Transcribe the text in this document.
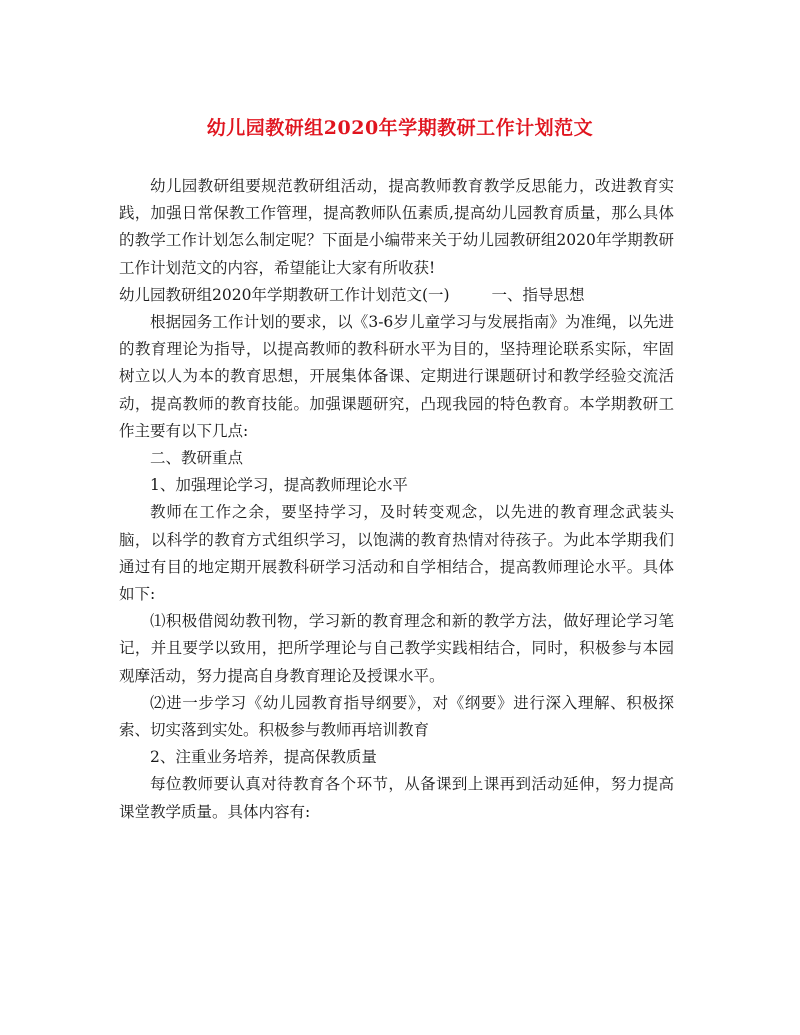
幼儿园教研组2020年学期教研工作计划范文

幼儿园教研组要规范教研组活动，提高教师教育教学反思能力，改进教育实践，加强日常保教工作管理，提高教师队伍素质,提高幼儿园教育质量，那么具体的教学工作计划怎么制定呢？下面是小编带来关于幼儿园教研组2020年学期教研工作计划范文的内容，希望能让大家有所收获!

幼儿园教研组2020年学期教研工作计划范文(一)	一、指导思想

根据园务工作计划的要求，以《3-6岁儿童学习与发展指南》为准绳，以先进的教育理论为指导，以提高教师的教科研水平为目的，坚持理论联系实际，牢固树立以人为本的教育思想，开展集体备课、定期进行课题研讨和教学经验交流活动，提高教师的教育技能。加强课题研究，凸现我园的特色教育。本学期教研工作主要有以下几点:

二、教研重点

1、加强理论学习，提高教师理论水平

教师在工作之余，要坚持学习，及时转变观念，以先进的教育理念武装头脑，以科学的教育方式组织学习，以饱满的教育热情对待孩子。为此本学期我们通过有目的地定期开展教科研学习活动和自学相结合，提高教师理论水平。具体如下:

⑴积极借阅幼教刊物，学习新的教育理念和新的教学方法，做好理论学习笔记，并且要学以致用，把所学理论与自己教学实践相结合，同时，积极参与本园观摩活动，努力提高自身教育理论及授课水平。

⑵进一步学习《幼儿园教育指导纲要》，对《纲要》进行深入理解、积极探索、切实落到实处。积极参与教师再培训教育

2、注重业务培养，提高保教质量

每位教师要认真对待教育各个环节，从备课到上课再到活动延伸，努力提高课堂教学质量。具体内容有:
